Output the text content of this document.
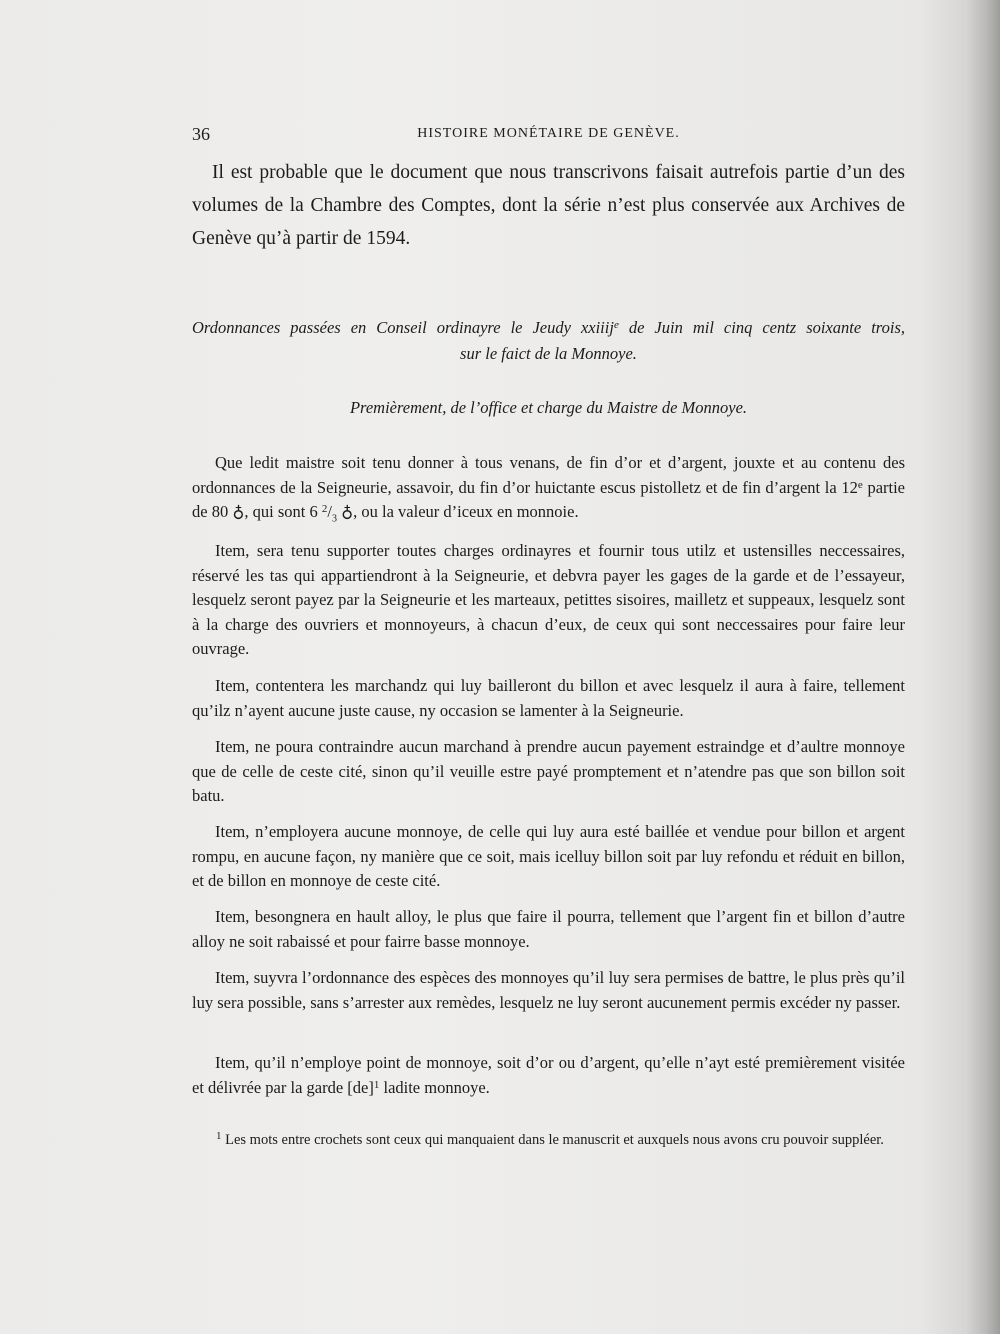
36	HISTOIRE MONÉTAIRE DE GENÈVE.

Il est probable que le document que nous transcrivons faisait autrefois partie d’un des volumes de la Chambre des Comptes, dont la série n’est plus conservée aux Archives de Genève qu’à partir de 1594.

Ordonnances passées en Conseil ordinayre le Jeudy xxiiij$^e$ de Juin mil cinq centz soixante trois,

sur le faict de la Monnoye.

Premièrement, de l’office et charge du Maistre de Monnoye.

Que ledit maistre soit tenu donner à tous venans, de fin d’or et d’argent, jouxte et au contenu des ordonnances de la Seigneurie, assavoir, du fin d’or huictante escus pistolletz et de fin d’argent la 12e partie de 80 ♁, qui sont 6 $^2/_3$ ♁, ou la valeur d’iceux en monnoie.

Item, sera tenu supporter toutes charges ordinayres et fournir tous utilz et ustensilles neccessaires, réservé les tas qui appartiendront à la Seigneurie, et debvra payer les gages de la garde et de l’essayeur, lesquelz seront payez par la Seigneurie et les marteaux, petittes sisoires, mailletz et suppeaux, lesquelz sont à la charge des ouvriers et monnoyeurs, à chacun d’eux, de ceux qui sont neccessaires pour faire leur ouvrage.

Item, contentera les marchandz qui luy bailleront du billon et avec lesquelz il aura à faire, tellement qu’ilz n’ayent aucune juste cause, ny occasion se lamenter à la Seigneurie.

Item, ne poura contraindre aucun marchand à prendre aucun payement estraindge et d’aultre monnoye que de celle de ceste cité, sinon qu’il veuille estre payé promptement et n’atendre pas que son billon soit batu.

Item, n’employera aucune monnoye, de celle qui luy aura esté baillée et vendue pour billon et argent rompu, en aucune façon, ny manière que ce soit, mais icelluy billon soit par luy refondu et réduit en billon, et de billon en monnoye de ceste cité.

Item, besongnera en hault alloy, le plus que faire il pourra, tellement que l’argent fin et billon d’autre alloy ne soit rabaissé et pour fairre basse monnoye.

Item, suyvra l’ordonnance des espèces des monnoyes qu’il luy sera permises de battre, le plus près qu’il luy sera possible, sans s’arrester aux remèdes, lesquelz ne luy seront aucunement permis excéder ny passer.

Item, qu’il n’employe point de monnoye, soit d’or ou d’argent, qu’elle n’ayt esté premièrement visitée et délivrée par la garde [de]$^1$ ladite monnoye.

$^1$ Les mots entre crochets sont ceux qui manquaient dans le manuscrit et auxquels nous avons cru pouvoir suppléer.
